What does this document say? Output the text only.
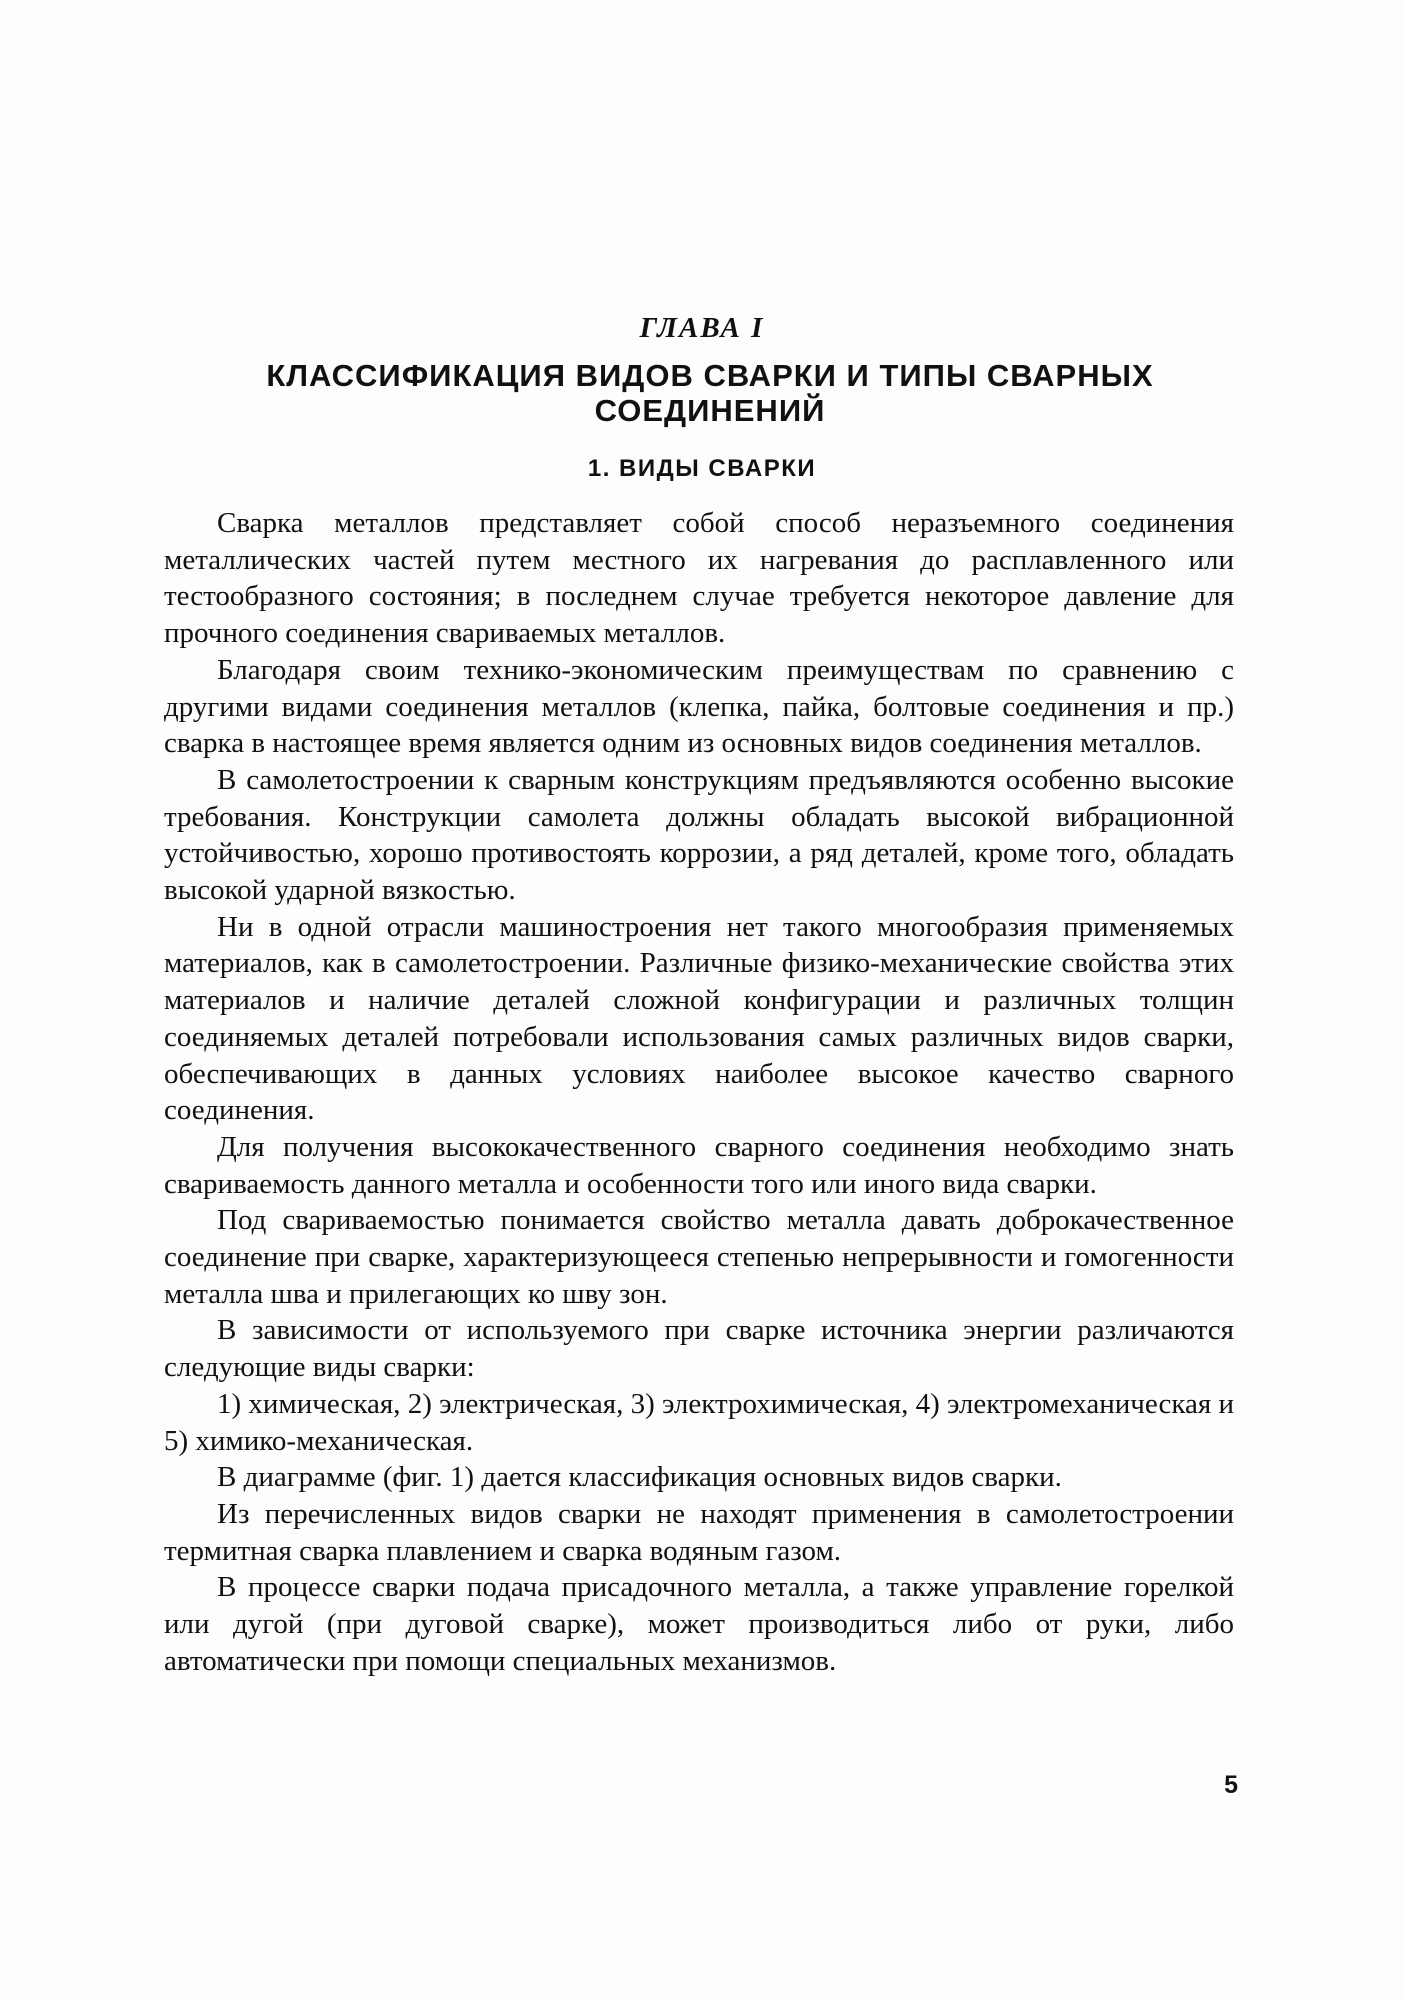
ГЛАВА I
КЛАССИФИКАЦИЯ ВИДОВ СВАРКИ И ТИПЫ СВАРНЫХ СОЕДИНЕНИЙ
1. ВИДЫ СВАРКИ

Сварка металлов представляет собой способ неразъемного соединения металлических частей путем местного их нагревания до расплавленного или тестообразного состояния; в последнем случае требуется некоторое давление для прочного соединения свариваемых металлов.

Благодаря своим технико-экономическим преимуществам по сравнению с другими видами соединения металлов (клепка, пайка, болтовые соединения и пр.) сварка в настоящее время является одним из основных видов соединения металлов.

В самолетостроении к сварным конструкциям предъявляются особенно высокие требования. Конструкции самолета должны обладать высокой вибрационной устойчивостью, хорошо противостоять коррозии, а ряд деталей, кроме того, обладать высокой ударной вязкостью.

Ни в одной отрасли машиностроения нет такого многообразия применяемых материалов, как в самолетостроении. Различные физико-механические свойства этих материалов и наличие деталей сложной конфигурации и различных толщин соединяемых деталей потребовали использования самых различных видов сварки, обеспечивающих в данных условиях наиболее высокое качество сварного соединения.

Для получения высококачественного сварного соединения необходимо знать свариваемость данного металла и особенности того или иного вида сварки.

Под свариваемостью понимается свойство металла давать доброкачественное соединение при сварке, характеризующееся степенью непрерывности и гомогенности металла шва и прилегающих ко шву зон.

В зависимости от используемого при сварке источника энергии различаются следующие виды сварки:

1) химическая, 2) электрическая, 3) электрохимическая, 4) электромеханическая и 5) химико-механическая.

В диаграмме (фиг. 1) дается классификация основных видов сварки.

Из перечисленных видов сварки не находят применения в самолетостроении термитная сварка плавлением и сварка водяным газом.

В процессе сварки подача присадочного металла, а также управление горелкой или дугой (при дуговой сварке), может производиться либо от руки, либо автоматически при помощи специальных механизмов.

5
